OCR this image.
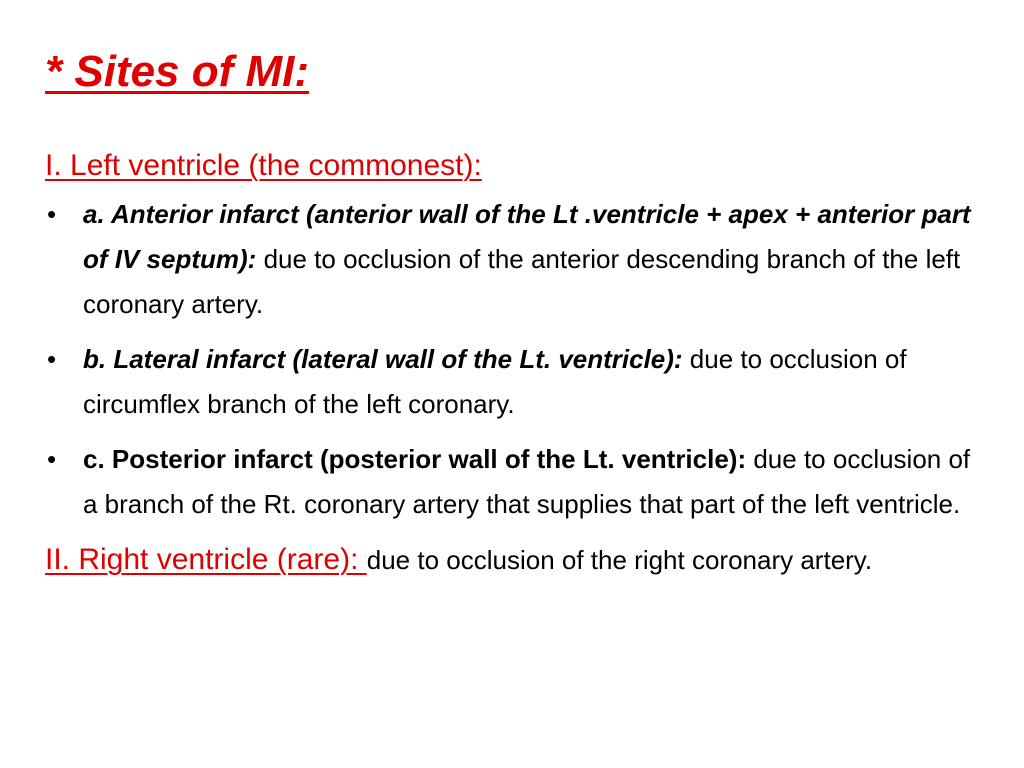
* Sites of MI:
I. Left ventricle (the commonest):
• a. Anterior infarct (anterior wall of the Lt .ventricle + apex + anterior part of IV septum): due to occlusion of the anterior descending branch of the left coronary artery.
• b. Lateral infarct (lateral wall of the Lt. ventricle): due to occlusion of circumflex branch of the left coronary.
• c. Posterior infarct (posterior wall of the Lt. ventricle): due to occlusion of a branch of the Rt. coronary artery that supplies that part of the left ventricle.
II. Right ventricle (rare): due to occlusion of the right coronary artery.
